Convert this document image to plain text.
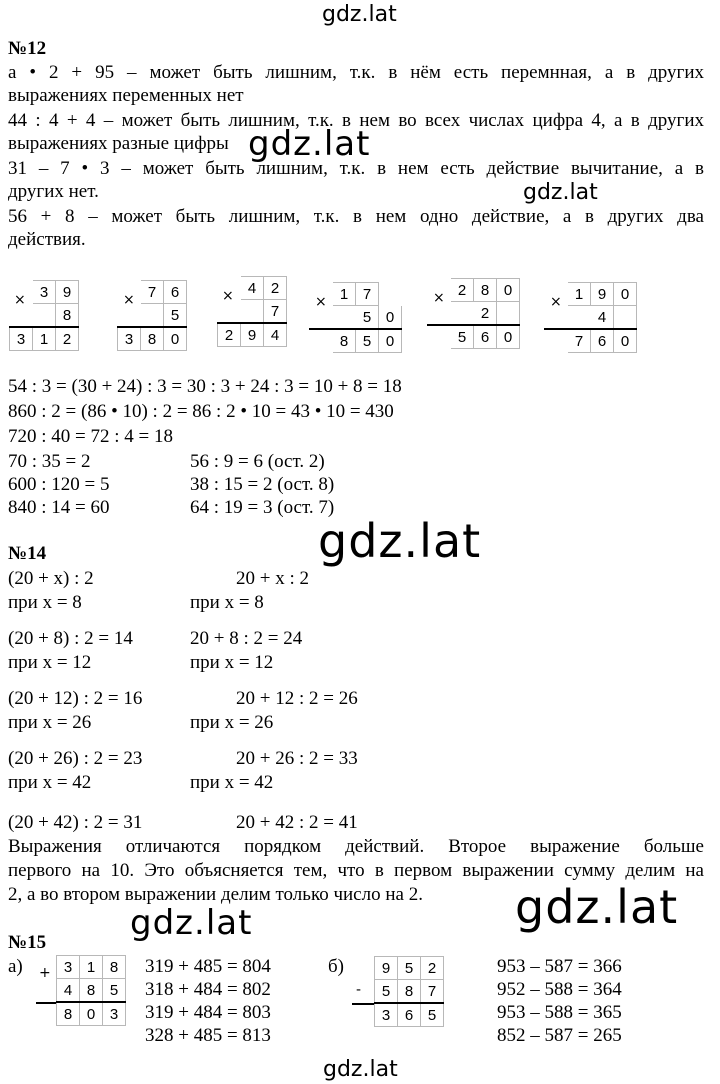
gdz.lat
gdz.lat
gdz.lat
gdz.lat
gdz.lat	gdz.lat
gdz.lat
№12
а • 2 + 95 – может быть лишним, т.к. в нём есть перемнная, а в других
выражениях переменных нет
44 : 4 + 4 – может быть лишним, т.к. в нем во всех числах цифра 4, а в других
выражениях разные цифры
31 – 7 • 3 – может быть лишним, т.к. в нем есть действие вычитание, а в
других нет.
56 + 8 – может быть лишним, т.к. в нем одно действие, а в других два
действия.
×
	3	9
		8
3	1	2
×
	7	6
		5
3	8	0
×
	4	2
		7
2	9	4
×
	1	7	
		5	0
	8	5	0
×
	2	8	0
		2	
	5	6	0
×
	1	9	0
		4	
	7	6	0
54 : 3 = (30 + 24) : 3 = 30 : 3 + 24 : 3 = 10 + 8 = 18
860 : 2 = (86 • 10) : 2 = 86 : 2 • 10 = 43 • 10 = 430
720 : 40 = 72 : 4 = 18
70 : 35 = 2	56 : 9 = 6 (ост. 2)
600 : 120 = 5	38 : 15 = 2 (ост. 8)
840 : 14 = 60	64 : 19 = 3 (ост. 7)
№14
(20 + x) : 2	20 + x : 2
при x = 8	при x = 8
(20 + 8) : 2 = 14	20 + 8 : 2 = 24
при x = 12	при x = 12
(20 + 12) : 2 = 16	20 + 12 : 2 = 26
при x = 26	при x = 26
(20 + 26) : 2 = 23	20 + 26 : 2 = 33
при x = 42	при x = 42
(20 + 42) : 2 = 31	20 + 42 : 2 = 41
Выражения отличаются порядком действий. Второе выражение больше
первого на 10. Это объясняется тем, что в первом выражении сумму делим на
2, а во втором выражении делим только число на 2.
№15
а) + 3	1	8
4	8	5
8	0	3
319 + 485 = 804
318 + 484 = 802
319 + 484 = 803
328 + 485 = 813
б)
-
9	5	2
5	8	7
3	6	5
953 – 587 = 366
952 – 588 = 364
953 – 588 = 365
852 – 587 = 265
